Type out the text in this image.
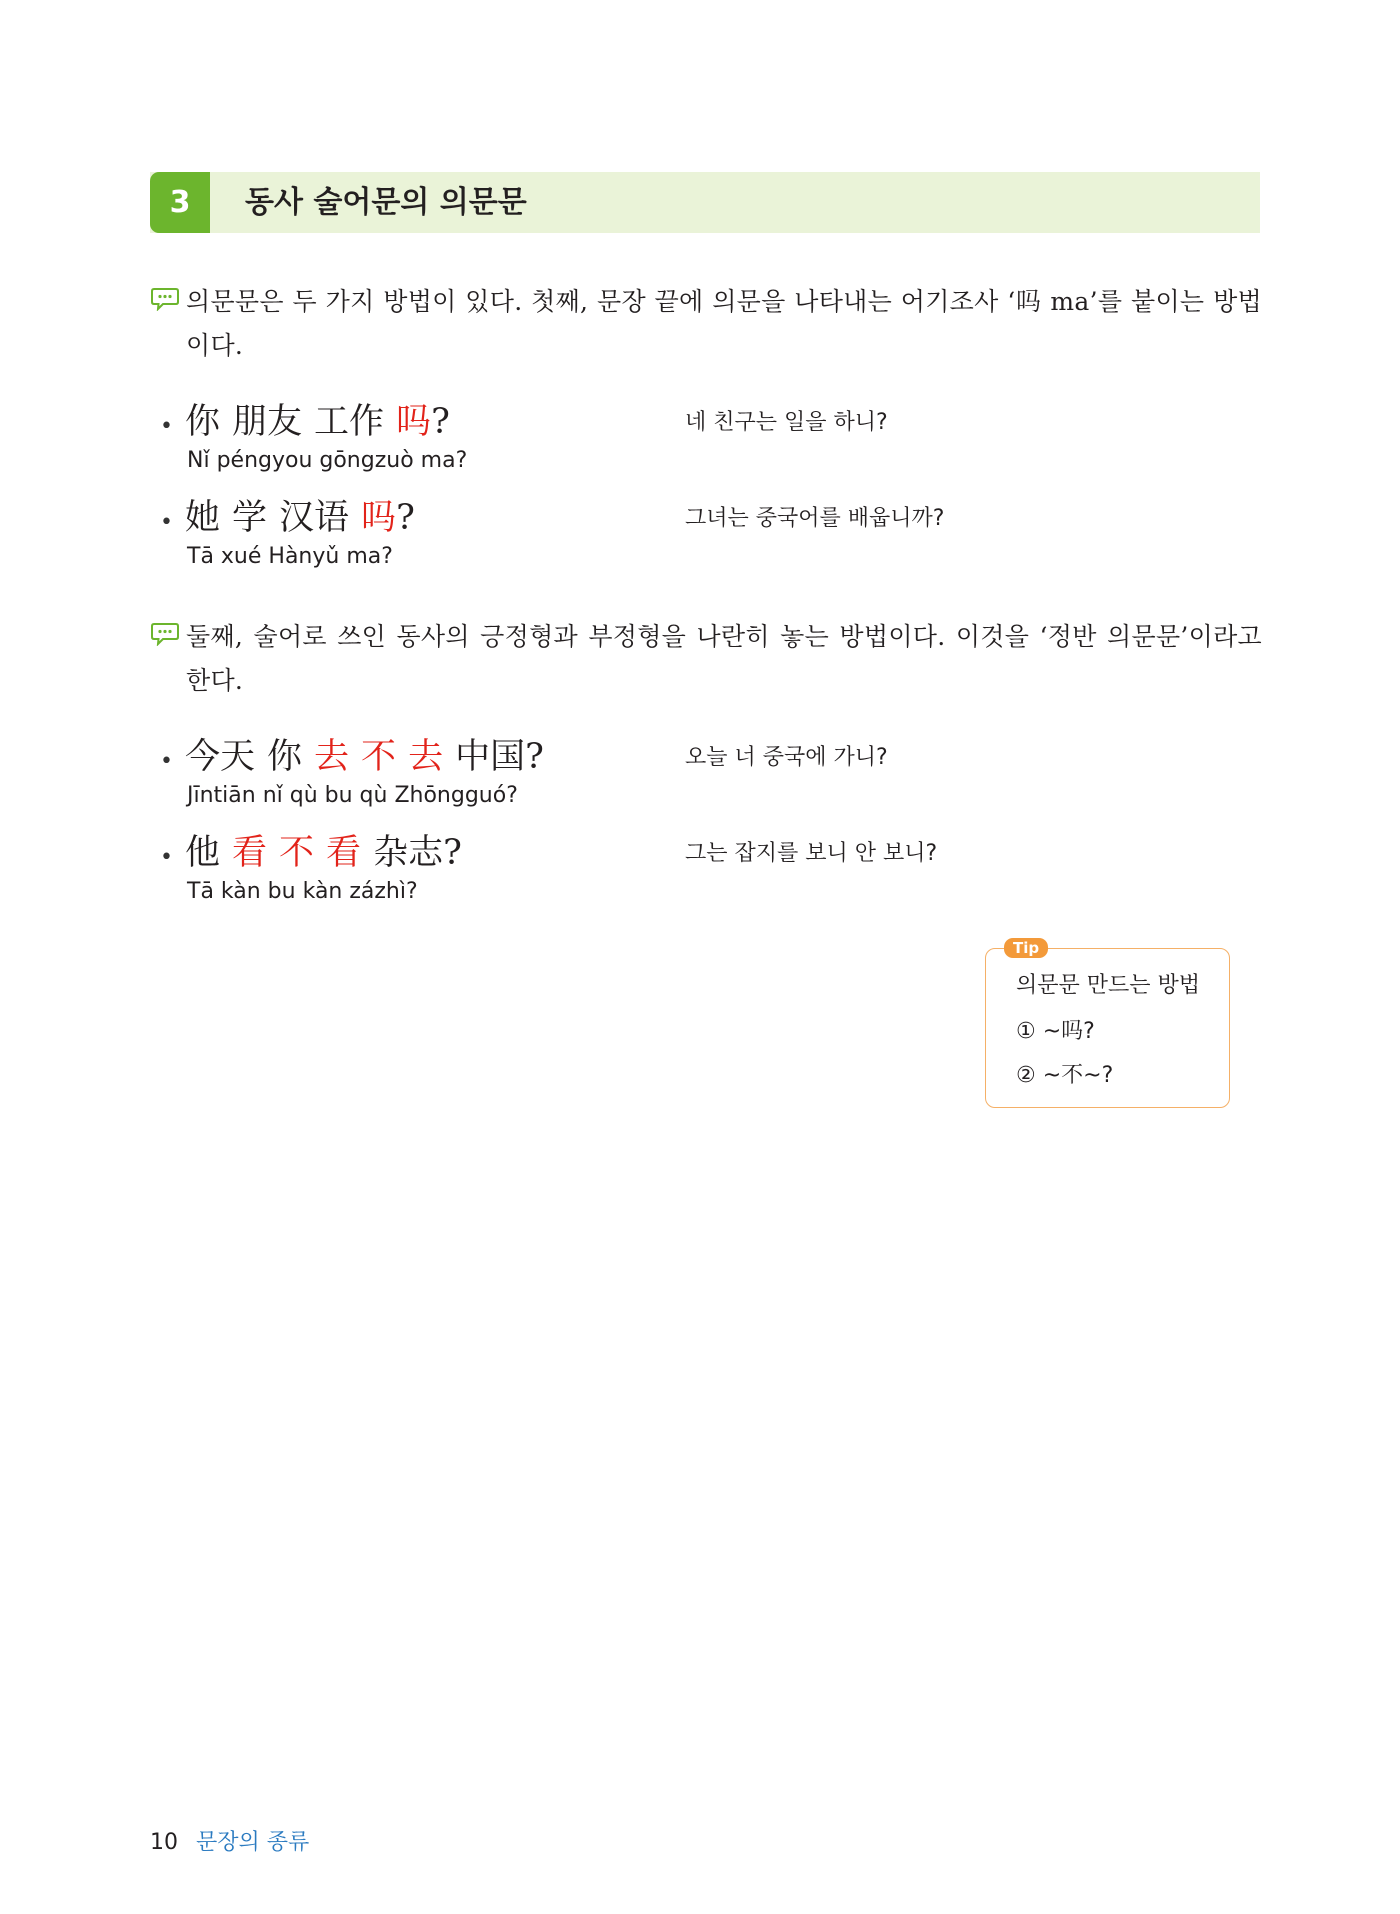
3	동사 술어문의 의문문
의문문은 두 가지 방법이 있다. 첫째, 문장 끝에 의문을 나타내는 어기조사 ‘吗 ma’를 붙이는 방법이다.
• 你 朋友 工作 吗?
Nǐ péngyou gōngzuò ma?
네 친구는 일을 하니?
• 她 学 汉语 吗?
Tā xué Hànyǔ ma?
그녀는 중국어를 배웁니까?
둘째, 술어로 쓰인 동사의 긍정형과 부정형을 나란히 놓는 방법이다. 이것을 ‘정반 의문문’이라고 한다.
• 今天 你 去 不 去 中国?
Jīntiān nǐ qù bu qù Zhōngguó?
오늘 너 중국에 가니?
• 他 看 不 看 杂志?
Tā kàn bu kàn zázhì?
그는 잡지를 보니 안 보니?
Tip
의문문 만드는 방법
① ~吗?
② ~不~?
10 문장의 종류
